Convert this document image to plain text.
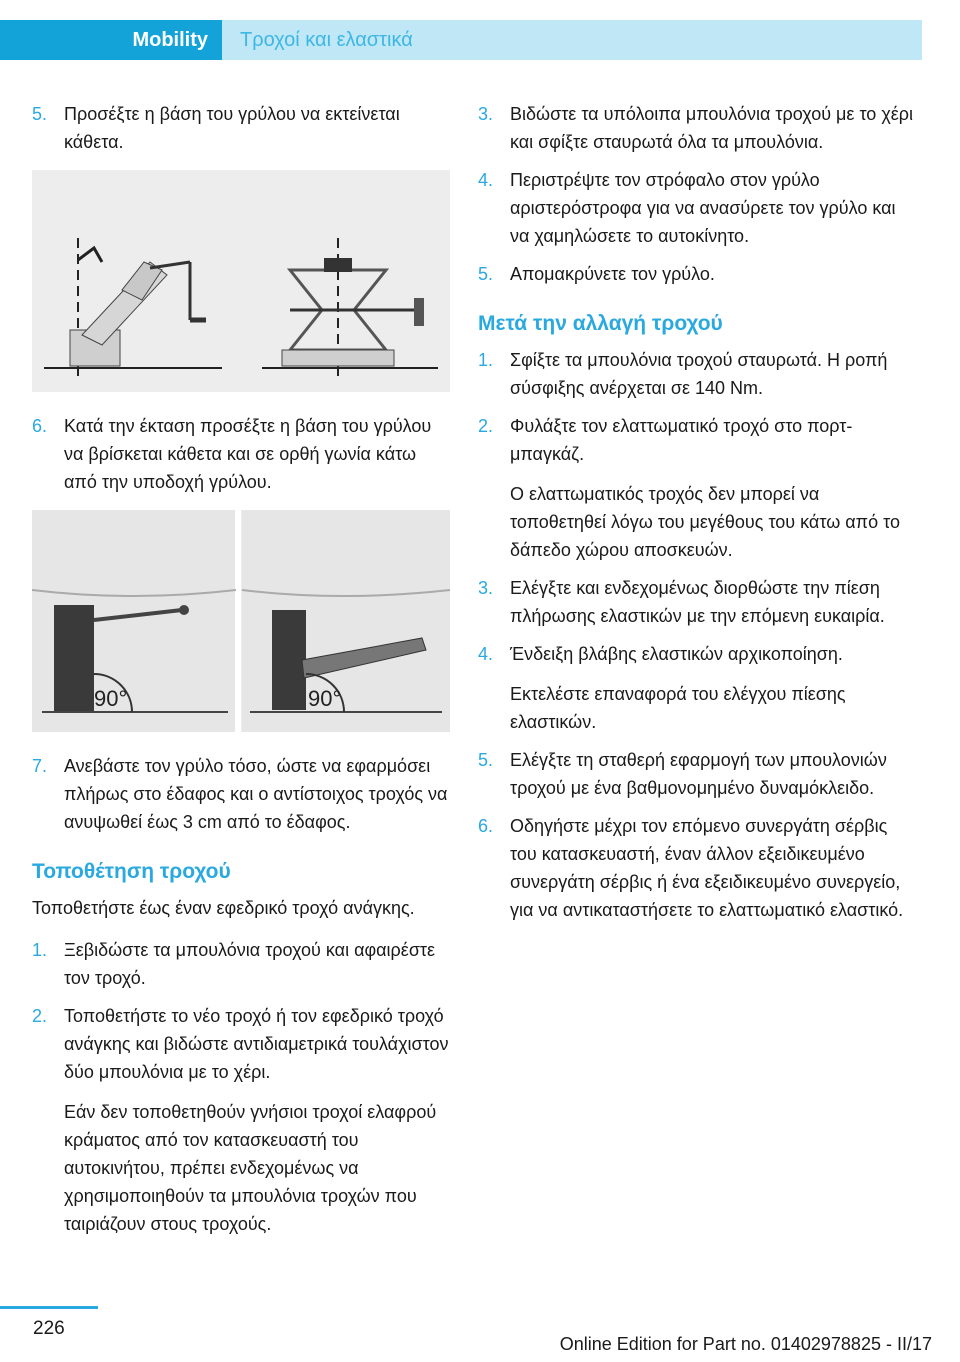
Mobility Τροχοί και ελαστικά
5. Προσέξτε η βάση του γρύλου να εκτείνεται κάθετα.
6. Κατά την έκταση προσέξτε η βάση του γρύλου να βρίσκεται κάθετα και σε ορθή γωνία κάτω από την υποδοχή γρύλου.
90°	90°
7. Ανεβάστε τον γρύλο τόσο, ώστε να εφαρμόσει πλήρως στο έδαφος και ο αντίστοιχος τροχός να ανυψωθεί έως 3 cm από το έδαφος.
Τοποθέτηση τροχού
Τοποθετήστε έως έναν εφεδρικό τροχό ανάγκης.
1. Ξεβιδώστε τα μπουλόνια τροχού και αφαιρέστε τον τροχό.
2. Τοποθετήστε το νέο τροχό ή τον εφεδρικό τροχό ανάγκης και βιδώστε αντιδιαμετρικά τουλάχιστον δύο μπουλόνια με το χέρι.
Εάν δεν τοποθετηθούν γνήσιοι τροχοί ελαφρού κράματος από τον κατασκευαστή του αυτοκινήτου, πρέπει ενδεχομένως να χρησιμοποιηθούν τα μπουλόνια τροχών που ταιριάζουν στους τροχούς.
3. Βιδώστε τα υπόλοιπα μπουλόνια τροχού με το χέρι και σφίξτε σταυρωτά όλα τα μπουλόνια.
4. Περιστρέψτε τον στρόφαλο στον γρύλο αριστερόστροφα για να ανασύρετε τον γρύλο και να χαμηλώσετε το αυτοκίνητο.
5. Απομακρύνετε τον γρύλο.
Μετά την αλλαγή τροχού
1. Σφίξτε τα μπουλόνια τροχού σταυρωτά. Η ροπή σύσφιξης ανέρχεται σε 140 Nm.
2. Φυλάξτε τον ελαττωματικό τροχό στο πορτ-μπαγκάζ.
Ο ελαττωματικός τροχός δεν μπορεί να τοποθετηθεί λόγω του μεγέθους του κάτω από το δάπεδο χώρου αποσκευών.
3. Ελέγξτε και ενδεχομένως διορθώστε την πίεση πλήρωσης ελαστικών με την επόμενη ευκαιρία.
4. Ένδειξη βλάβης ελαστικών αρχικοποίηση.
Εκτελέστε επαναφορά του ελέγχου πίεσης ελαστικών.
5. Ελέγξτε τη σταθερή εφαρμογή των μπουλονιών τροχού με ένα βαθμονομημένο δυναμόκλειδο.
6. Οδηγήστε μέχρι τον επόμενο συνεργάτη σέρβις του κατασκευαστή, έναν άλλον εξειδικευμένο συνεργάτη σέρβις ή ένα εξειδικευμένο συνεργείο, για να αντικαταστήσετε το ελαττωματικό ελαστικό.
226
Online Edition for Part no. 01402978825 - II/17
